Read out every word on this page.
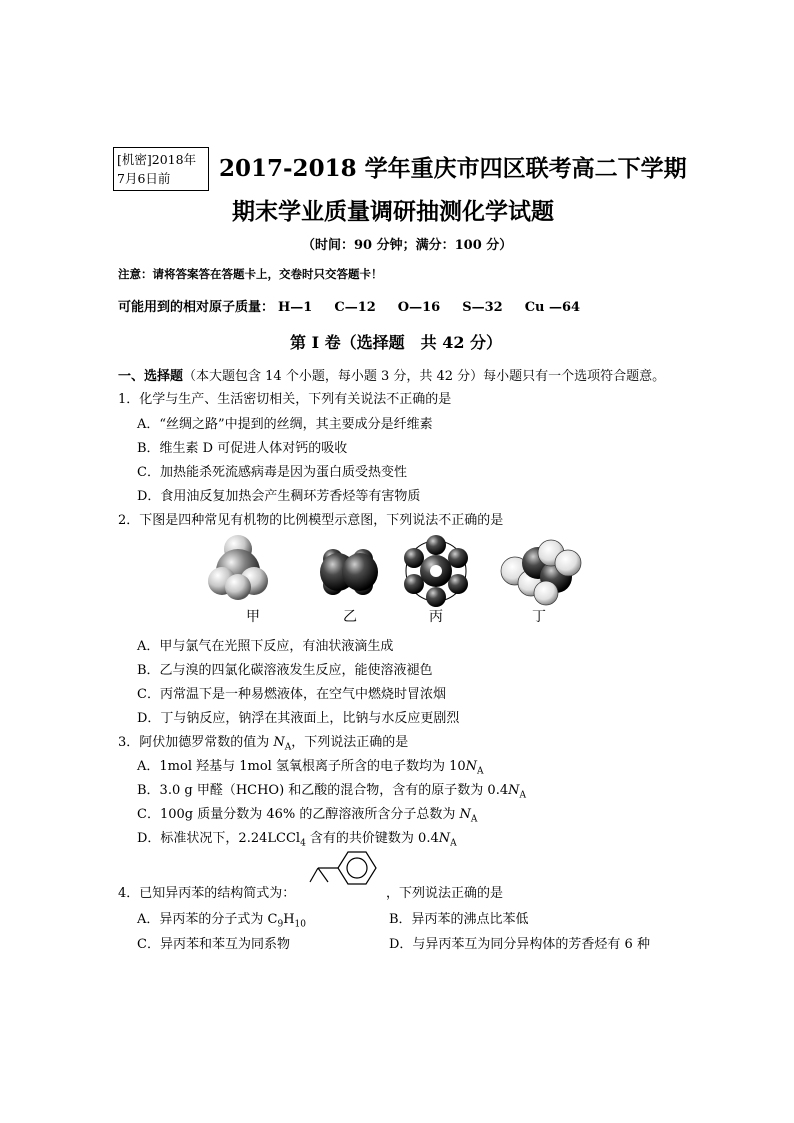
[机密]2018年
7月6日前	2017-2018 学年重庆市四区联考高二下学期
期末学业质量调研抽测化学试题
（时间：90 分钟；满分：100 分）
注意：请将答案答在答题卡上，交卷时只交答题卡！
可能用到的相对原子质量： H—1 C—12 O—16 S—32 Cu —64
第 I 卷（选择题　共 42 分）
一、选择题（本大题包含 14 个小题，每小题 3 分，共 42 分）每小题只有一个选项符合题意。
1．化学与生产、生活密切相关，下列有关说法不正确的是
A．“丝绸之路”中提到的丝绸，其主要成分是纤维素
B．维生素 D 可促进人体对钙的吸收
C．加热能杀死流感病毒是因为蛋白质受热变性
D．食用油反复加热会产生稠环芳香烃等有害物质
2．下图是四种常见有机物的比例模型示意图，下列说法不正确的是
甲	乙	丙	丁
A．甲与氯气在光照下反应，有油状液滴生成
B．乙与溴的四氯化碳溶液发生反应，能使溶液褪色
C．丙常温下是一种易燃液体，在空气中燃烧时冒浓烟
D．丁与钠反应，钠浮在其液面上，比钠与水反应更剧烈
3．阿伏加德罗常数的值为 $N_A$，下列说法正确的是
A．1mol 羟基与 1mol 氢氧根离子所含的电子数均为 $10N_A$
B．3.0 g 甲醛（HCHO) 和乙酸的混合物，含有的原子数为 $0.4N_A$
C．100g 质量分数为 46% 的乙醇溶液所含分子总数为 $N_A$
D．标准状况下，2.24LCCl$_4$ 含有的共价键数为 $0.4N_A$
4．已知异丙苯的结构简式为：	，下列说法正确的是
A．异丙苯的分子式为 $C_9H_{10}$	B．异丙苯的沸点比苯低
C．异丙苯和苯互为同系物	D．与异丙苯互为同分异构体的芳香烃有 6 种
